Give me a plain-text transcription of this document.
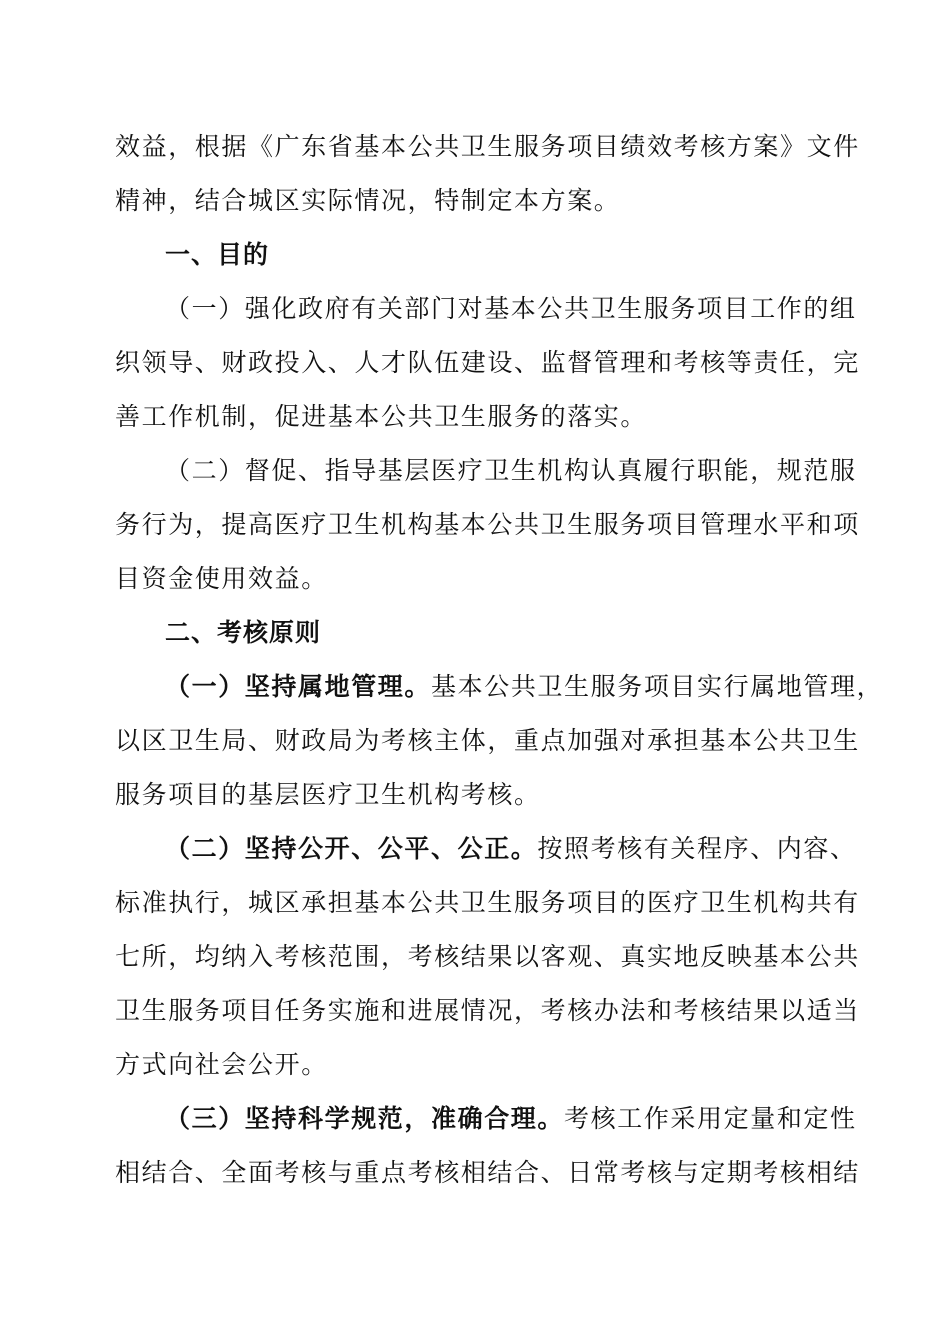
效益，根据《广东省基本公共卫生服务项目绩效考核方案》文件
精神，结合城区实际情况，特制定本方案。
一、目的
（一）强化政府有关部门对基本公共卫生服务项目工作的组
织领导、财政投入、人才队伍建设、监督管理和考核等责任，完
善工作机制，促进基本公共卫生服务的落实。
（二）督促、指导基层医疗卫生机构认真履行职能，规范服
务行为，提高医疗卫生机构基本公共卫生服务项目管理水平和项
目资金使用效益。
二、考核原则
（一）坚持属地管理。基本公共卫生服务项目实行属地管理，
以区卫生局、财政局为考核主体，重点加强对承担基本公共卫生
服务项目的基层医疗卫生机构考核。
（二）坚持公开、公平、公正。按照考核有关程序、内容、
标准执行，城区承担基本公共卫生服务项目的医疗卫生机构共有
七所，均纳入考核范围，考核结果以客观、真实地反映基本公共
卫生服务项目任务实施和进展情况，考核办法和考核结果以适当
方式向社会公开。
（三）坚持科学规范，准确合理。考核工作采用定量和定性
相结合、全面考核与重点考核相结合、日常考核与定期考核相结
